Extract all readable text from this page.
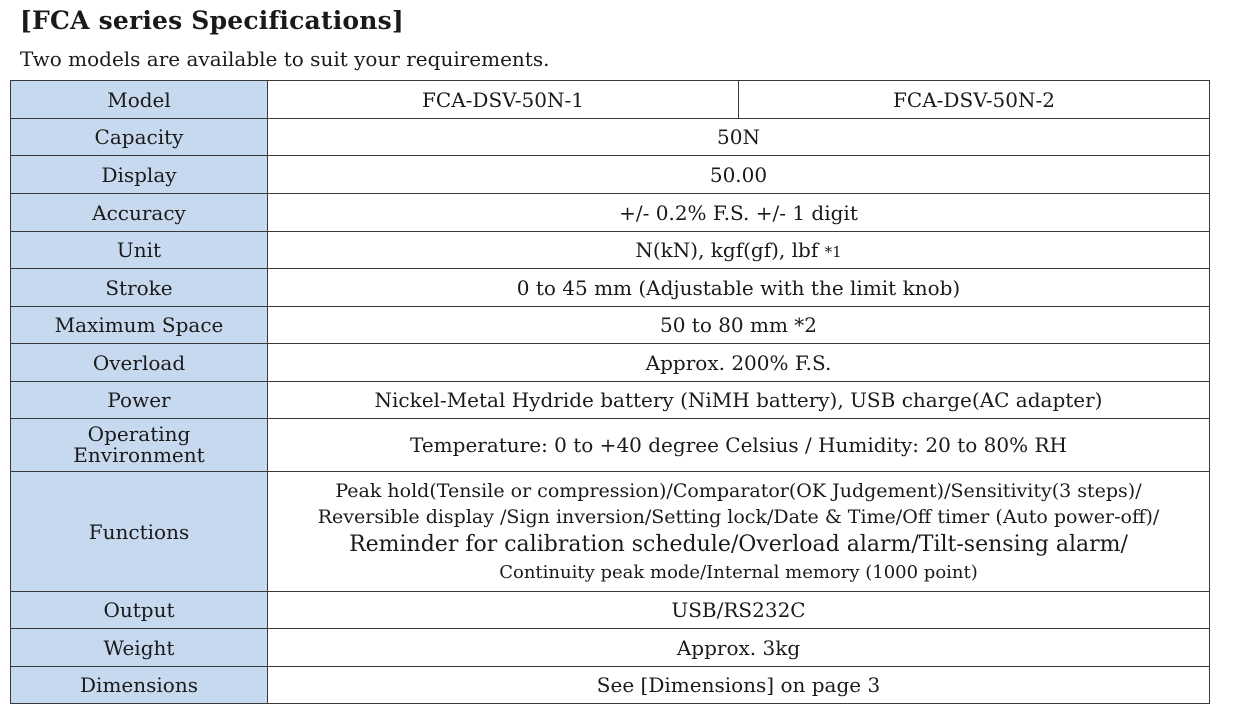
[FCA series Specifications]
Two models are available to suit your requirements.
Model	FCA-DSV-50N-1	FCA-DSV-50N-2
Capacity	50N	
Display	50.00	
Accuracy	+/- 0.2% F.S. +/- 1 digit	
Unit	N(kN), kgf(gf), lbf *1	
Stroke	0 to 45 mm (Adjustable with the limit knob)	
Maximum Space	50 to 80 mm *2	
Overload	Approx. 200% F.S.	
Power	Nickel-Metal Hydride battery (NiMH battery), USB charge(AC adapter)	

Operating
Environment	Temperature: 0 to +40 degree Celsius / Humidity: 20 to 80% RH	
Functions	Peak hold(Tensile or compression)/Comparator(OK Judgement)/Sensitivity(3 steps)/
Reversible display /Sign inversion/Setting lock/Date & Time/Off timer (Auto power-off)/
Reminder for calibration schedule/Overload alarm/Tilt-sensing alarm/
Continuity peak mode/Internal memory (1000 point)	

Output	USB/RS232C	
Weight	Approx. 3kg	
Dimensions	See [Dimensions] on page 3	
